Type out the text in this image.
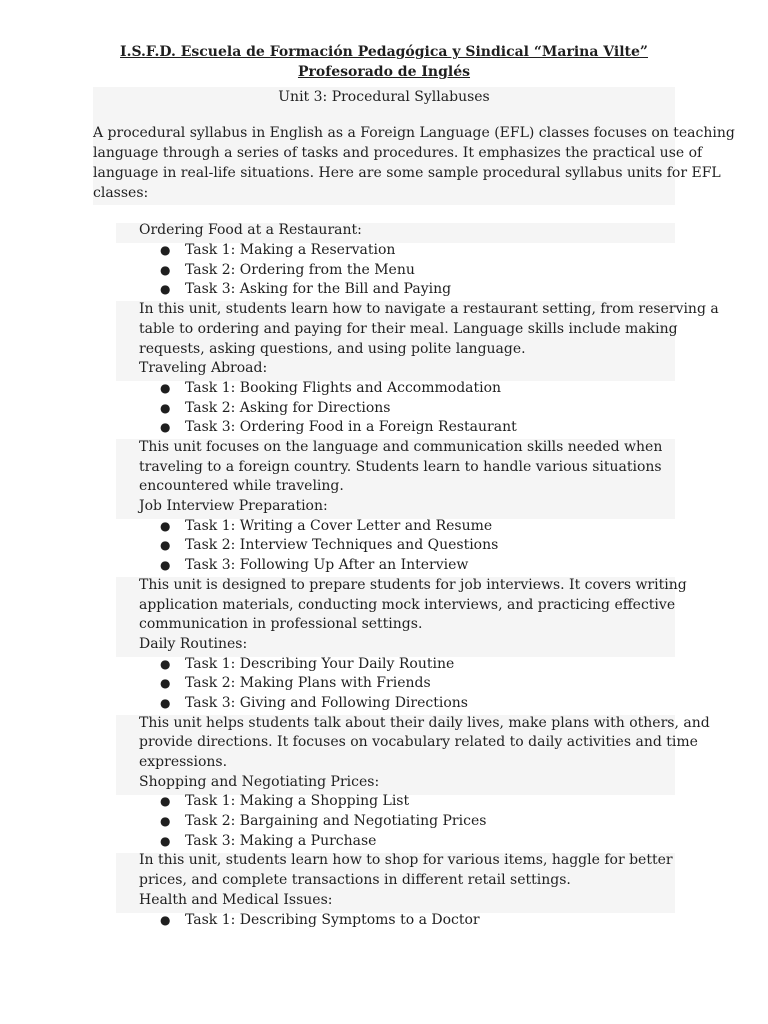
I.S.F.D. Escuela de Formación Pedagógica y Sindical “Marina Vilte”
Profesorado de Inglés
Unit 3: Procedural Syllabuses
A procedural syllabus in English as a Foreign Language (EFL) classes focuses on teaching
language through a series of tasks and procedures. It emphasizes the practical use of
language in real-life situations. Here are some sample procedural syllabus units for EFL
classes:
Ordering Food at a Restaurant:
● Task 1: Making a Reservation
● Task 2: Ordering from the Menu
● Task 3: Asking for the Bill and Paying
In this unit, students learn how to navigate a restaurant setting, from reserving a
table to ordering and paying for their meal. Language skills include making
requests, asking questions, and using polite language.
Traveling Abroad:
● Task 1: Booking Flights and Accommodation
● Task 2: Asking for Directions
● Task 3: Ordering Food in a Foreign Restaurant
This unit focuses on the language and communication skills needed when
traveling to a foreign country. Students learn to handle various situations
encountered while traveling.
Job Interview Preparation:
● Task 1: Writing a Cover Letter and Resume
● Task 2: Interview Techniques and Questions
● Task 3: Following Up After an Interview
This unit is designed to prepare students for job interviews. It covers writing
application materials, conducting mock interviews, and practicing effective
communication in professional settings.
Daily Routines:
● Task 1: Describing Your Daily Routine
● Task 2: Making Plans with Friends
● Task 3: Giving and Following Directions
This unit helps students talk about their daily lives, make plans with others, and
provide directions. It focuses on vocabulary related to daily activities and time
expressions.
Shopping and Negotiating Prices:
● Task 1: Making a Shopping List
● Task 2: Bargaining and Negotiating Prices
● Task 3: Making a Purchase
In this unit, students learn how to shop for various items, haggle for better
prices, and complete transactions in different retail settings.
Health and Medical Issues:
● Task 1: Describing Symptoms to a Doctor
